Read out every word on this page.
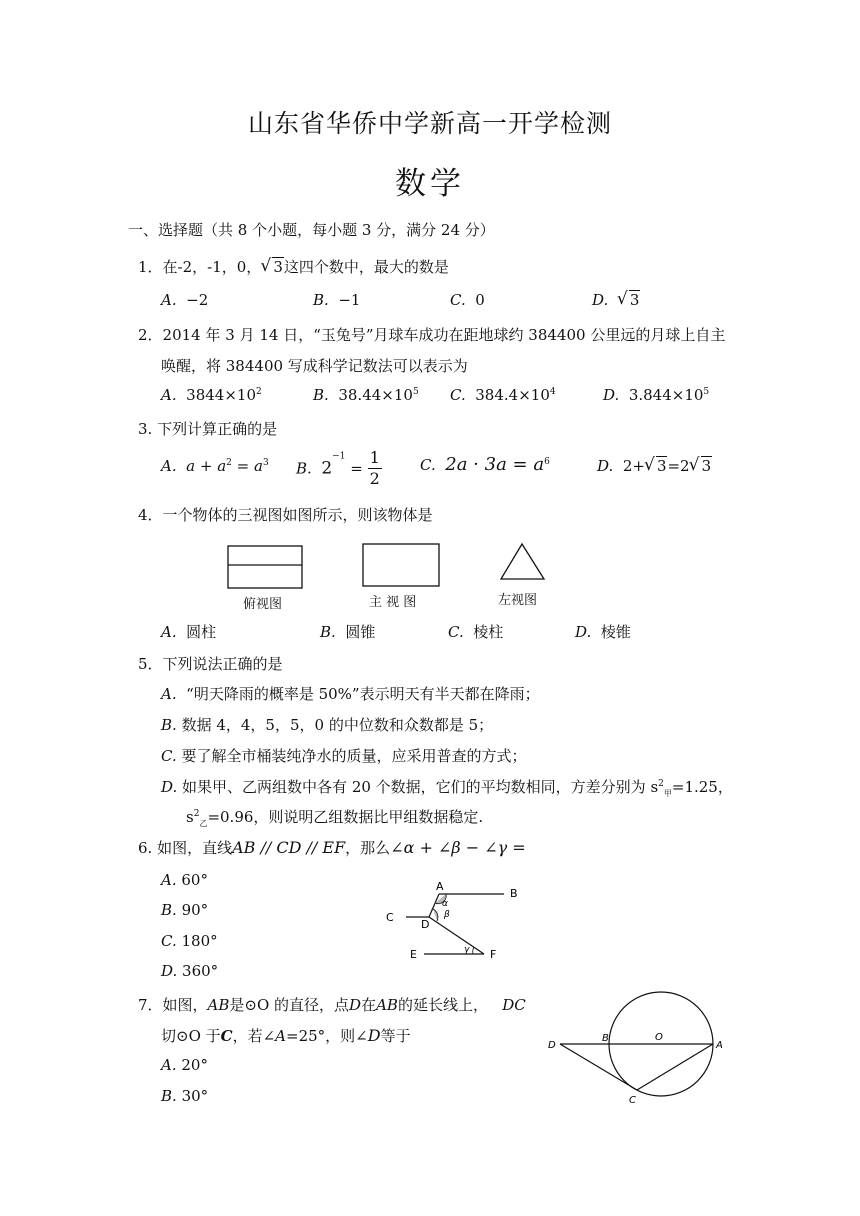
山东省华侨中学新高一开学检测
数学
一、选择题（共 8 个小题，每小题 3 分，满分 24 分）
1．在-2，-1，0， √ 3这四个数中，最大的数是
A. −2	B. −1	C. 0	D. √ 3
2．2014 年 3 月 14 日，“玉兔号”月球车成功在距地球约 384400 公里远的月球上自主
唤醒，将 384400 写成科学记数法可以表示为
A. $3844\times 10^2$	B. $38.44\times 10^5$ C. $384.4\times 10^4$	D. $3.844\times 10^5$
3. 下列计算正确的是
A. $a + a^2 = a^3$ B. $2^{-1} = \frac{1}{2}$	C. $2a \cdot 3a = a^6$	D. 2+ √ 3=2 √ 3
4．一个物体的三视图如图所示，则该物体是
俯视图	主 视 图	左视图
A. 圆柱	B. 圆锥	C. 棱柱	D. 棱锥
5．下列说法正确的是
A. “明天降雨的概率是 50%”表示明天有半天都在降雨；
B. 数据 4，4，5，5，0 的中位数和众数都是 5；
C. 要了解全市桶装纯净水的质量，应采用普查的方式；
D. 如果甲、乙两组数中各有 20 个数据，它们的平均数相同，方差分别为 $s^2_甲=1.25$，
$s^2_乙=0.96$，则说明乙组数据比甲组数据稳定.
6. 如图，直线AB // CD // EF，那么∠α + ∠β − ∠γ =
A. 60°
B. 90°
C. 180°
D. 360°
A
B
C
D
E	F
α
β
γ
7．如图，AB是⊙O 的直径，点D在AB的延长线上， DC
切⊙O 于C，若∠A=25°，则∠D等于
A. 20°
B. 30°
D
B	O
A
C
